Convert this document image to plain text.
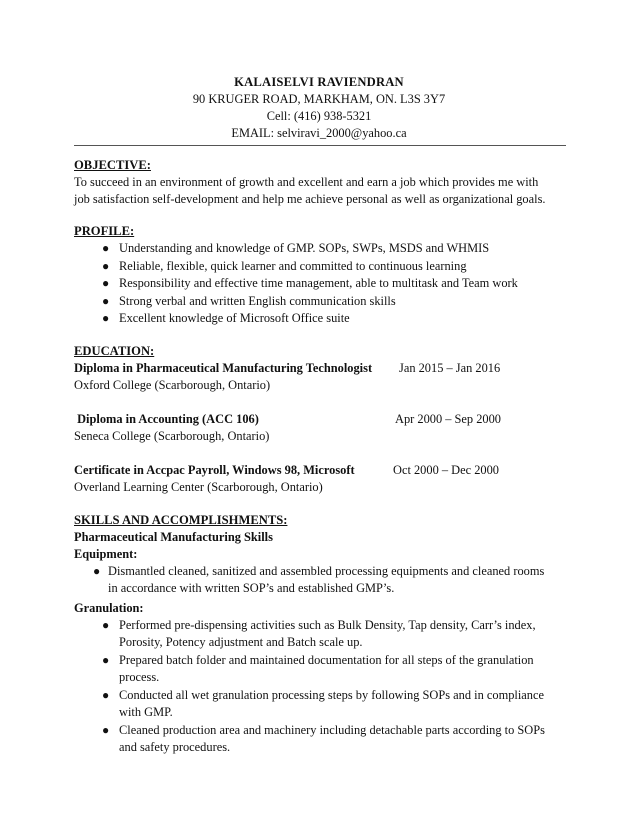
KALAISELVI RAVIENDRAN
90 KRUGER ROAD, MARKHAM, ON. L3S 3Y7
Cell: (416) 938-5321
EMAIL: selviravi_2000@yahoo.ca
OBJECTIVE:
To succeed in an environment of growth and excellent and earn a job which provides me with
job satisfaction self-development and help me achieve personal as well as organizational goals.
PROFILE:
● Understanding and knowledge of GMP. SOPs, SWPs, MSDS and WHMIS
● Reliable, flexible, quick learner and committed to continuous learning
● Responsibility and effective time management, able to multitask and Team work
● Strong verbal and written English communication skills
● Excellent knowledge of Microsoft Office suite
EDUCATION:
Diploma in Pharmaceutical Manufacturing Technologist Jan 2015 – Jan 2016
Oxford College (Scarborough, Ontario)

Diploma in Accounting (ACC 106)

	Apr 2000 – Sep 2000

Seneca College (Scarborough, Ontario)
Certificate in Accpac Payroll, Windows 98, Microsoft	Oct 2000 – Dec 2000
Overland Learning Center (Scarborough, Ontario)
SKILLS AND ACCOMPLISHMENTS:
Pharmaceutical Manufacturing Skills
Equipment:
● Dismantled cleaned, sanitized and assembled processing equipments and cleaned rooms
in accordance with written SOP’s and established GMP’s.
Granulation:
● Performed pre-dispensing activities such as Bulk Density, Tap density, Carr’s index,
Porosity, Potency adjustment and Batch scale up.
● Prepared batch folder and maintained documentation for all steps of the granulation
process.
● Conducted all wet granulation processing steps by following SOPs and in compliance
with GMP.
● Cleaned production area and machinery including detachable parts according to SOPs
and safety procedures.
